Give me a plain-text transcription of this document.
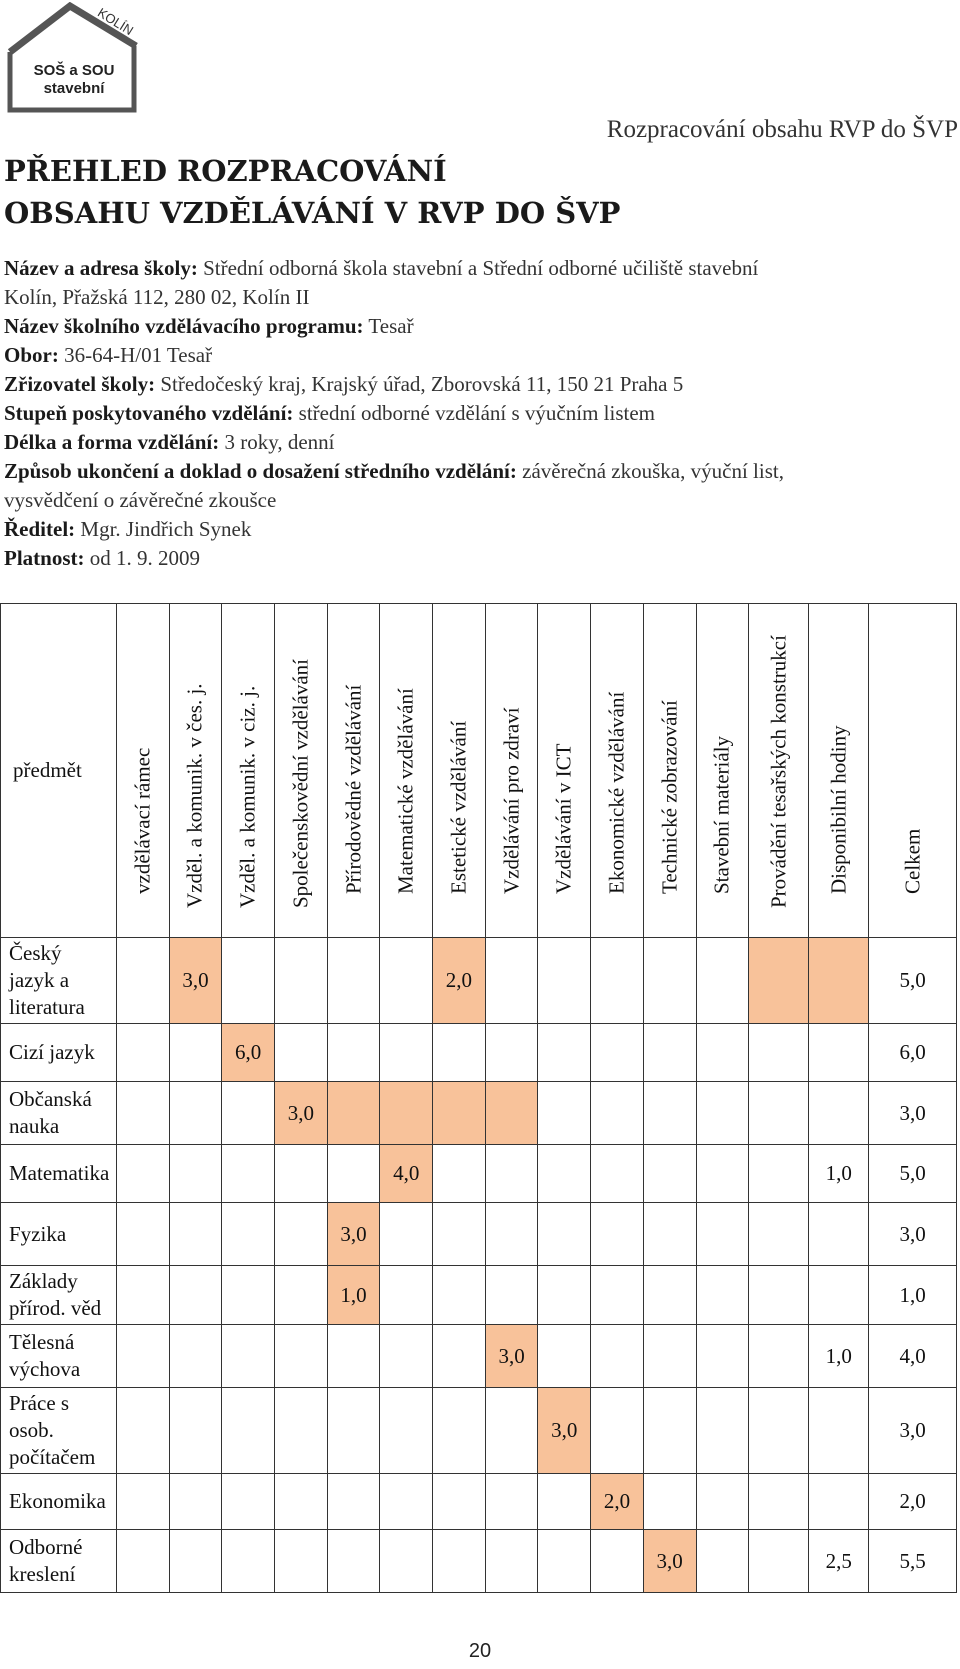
KOLÍN
SOŠ a SOU
stavební
Rozpracování obsahu RVP do ŠVP
PŘEHLED ROZPRACOVÁNÍ
OBSAHU VZDĚLÁVÁNÍ V RVP DO ŠVP
Název a adresa školy: Střední odborná škola stavební a Střední odborné učiliště stavební
Kolín, Přažská 112, 280 02, Kolín II
Název školního vzdělávacího programu: Tesař
Obor: 36-64-H/01 Tesař
Zřizovatel školy: Středočeský kraj, Krajský úřad, Zborovská 11, 150 21 Praha 5
Stupeň poskytovaného vzdělání: střední odborné vzdělání s výučním listem
Délka a forma vzdělání: 3 roky, denní
Způsob ukončení a doklad o dosažení středního vzdělání: závěrečná zkouška, výuční list,
vysvědčení o závěrečné zkoušce
Ředitel: Mgr. Jindřich Synek
Platnost: od 1. 9. 2009
předmět	vzdělávací rámec	Vzděl. a komunik. v čes. j.	Vzděl. a komunik. v ciz. j.	Společenskovědní vzdělávání	Přírodovědné vzdělávání	Matematické vzdělávání	Estetické vzdělávání	Vzdělávání pro zdraví	Vzdělávání v ICT	Ekonomické vzdělávání	Technické zobrazování	Stavební materiály	Provádění tesařských konstrukcí	Disponibilní hodiny	Celkem

Český jazyk a literatura		3,0					2,0								5,0
Cizí jazyk			6,0												6,0
Občanská nauka				3,0											3,0
Matematika						4,0								1,0	5,0
Fyzika					3,0										3,0
Základy přírod. věd					1,0										1,0
Tělesná výchova								3,0						1,0	4,0
Práce s osob. počítačem									3,0						3,0
Ekonomika										2,0					2,0
Odborné kreslení											3,0			2,5	5,5
20
